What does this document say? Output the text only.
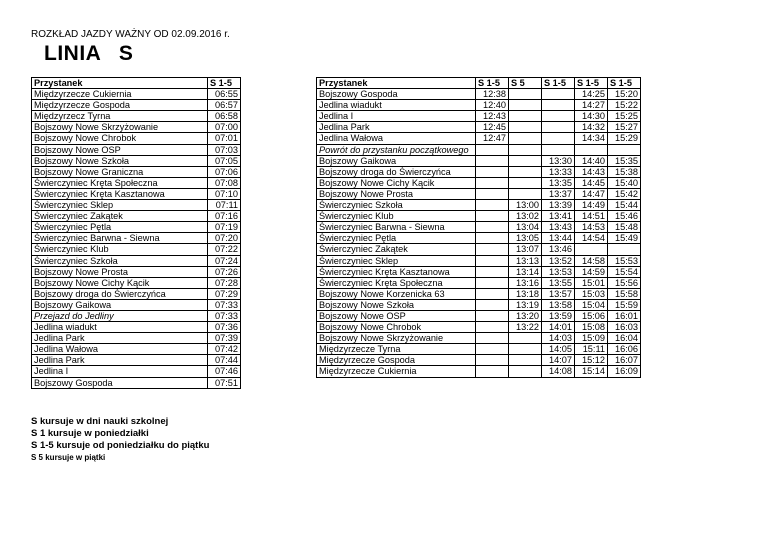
ROZKŁAD JAZDY WAŻNY OD 02.09.2016 r.
LINIA S
Przystanek	S 1-5
Międzyrzecze Cukiernia	06:55
Międzyrzecze Gospoda	06:57
Międzyrzecz Tyrna	06:58
Bojszowy Nowe Skrzyżowanie	07:00
Bojszowy Nowe Chrobok	07:01
Bojszowy Nowe OSP	07:03
Bojszowy Nowe Szkoła	07:05
Bojszowy Nowe Graniczna	07:06
Świerczyniec Kręta Społeczna	07:08
Świerczyniec Kręta Kasztanowa	07:10
Świerczyniec Sklep	07:11
Świerczyniec Zakątek	07:16
Świerczyniec Pętla	07:19
Świerczyniec Barwna - Siewna	07:20
Świerczyniec Klub	07:22
Świerczyniec Szkoła	07:24
Bojszowy Nowe Prosta	07:26
Bojszowy Nowe Cichy Kącik	07:28
Bojszowy droga do Świerczyńca	07:29
Bojszowy Gaikowa	07:33
Przejazd do Jedliny	07:33
Jedlina wiadukt	07:36
Jedlina Park	07:39
Jedlina Wałowa	07:42
Jedlina Park	07:44
Jedlina I	07:46
Bojszowy Gospoda	07:51
Przystanek	S 1-5	S 5	S 1-5	S 1-5	S 1-5
Bojszowy Gospoda	12:38			14:25	15:20
Jedlina wiadukt	12:40			14:27	15:22
Jedlina I	12:43			14:30	15:25
Jedlina Park	12:45			14:32	15:27
Jedlina Wałowa	12:47			14:34	15:29
Powrót do przystanku początkowego					
Bojszowy Gaikowa			13:30	14:40	15:35
Bojszowy droga do Świerczyńca			13:33	14:43	15:38
Bojszowy Nowe Cichy Kącik			13:35	14:45	15:40
Bojszowy Nowe Prosta			13:37	14:47	15:42
Świerczyniec Szkoła		13:00	13:39	14:49	15:44
Świerczyniec Klub		13:02	13:41	14:51	15:46
Świerczyniec Barwna - Siewna		13:04	13:43	14:53	15:48
Świerczyniec Pętla		13:05	13:44	14:54	15:49
Świerczyniec Zakątek		13:07	13:46		
Świerczyniec Sklep		13:13	13:52	14:58	15:53
Świerczyniec Kręta Kasztanowa		13:14	13:53	14:59	15:54
Świerczyniec Kręta Społeczna		13:16	13:55	15:01	15:56
Bojszowy Nowe Korzenicka 63		13:18	13:57	15:03	15:58
Bojszowy Nowe Szkoła		13:19	13:58	15:04	15:59
Bojszowy Nowe OSP		13:20	13:59	15:06	16:01
Bojszowy Nowe Chrobok		13:22	14:01	15:08	16:03
Bojszowy Nowe Skrzyżowanie			14:03	15:09	16:04
Międzyrzecze Tyrna			14:05	15:11	16:06
Międzyrzecze Gospoda			14:07	15:12	16:07
Międzyrzecze Cukiernia			14:08	15:14	16:09
S kursuje w dni nauki szkolnej
S 1 kursuje w poniedziałki
S 1-5 kursuje od poniedziałku do piątku
S 5 kursuje w piątki
